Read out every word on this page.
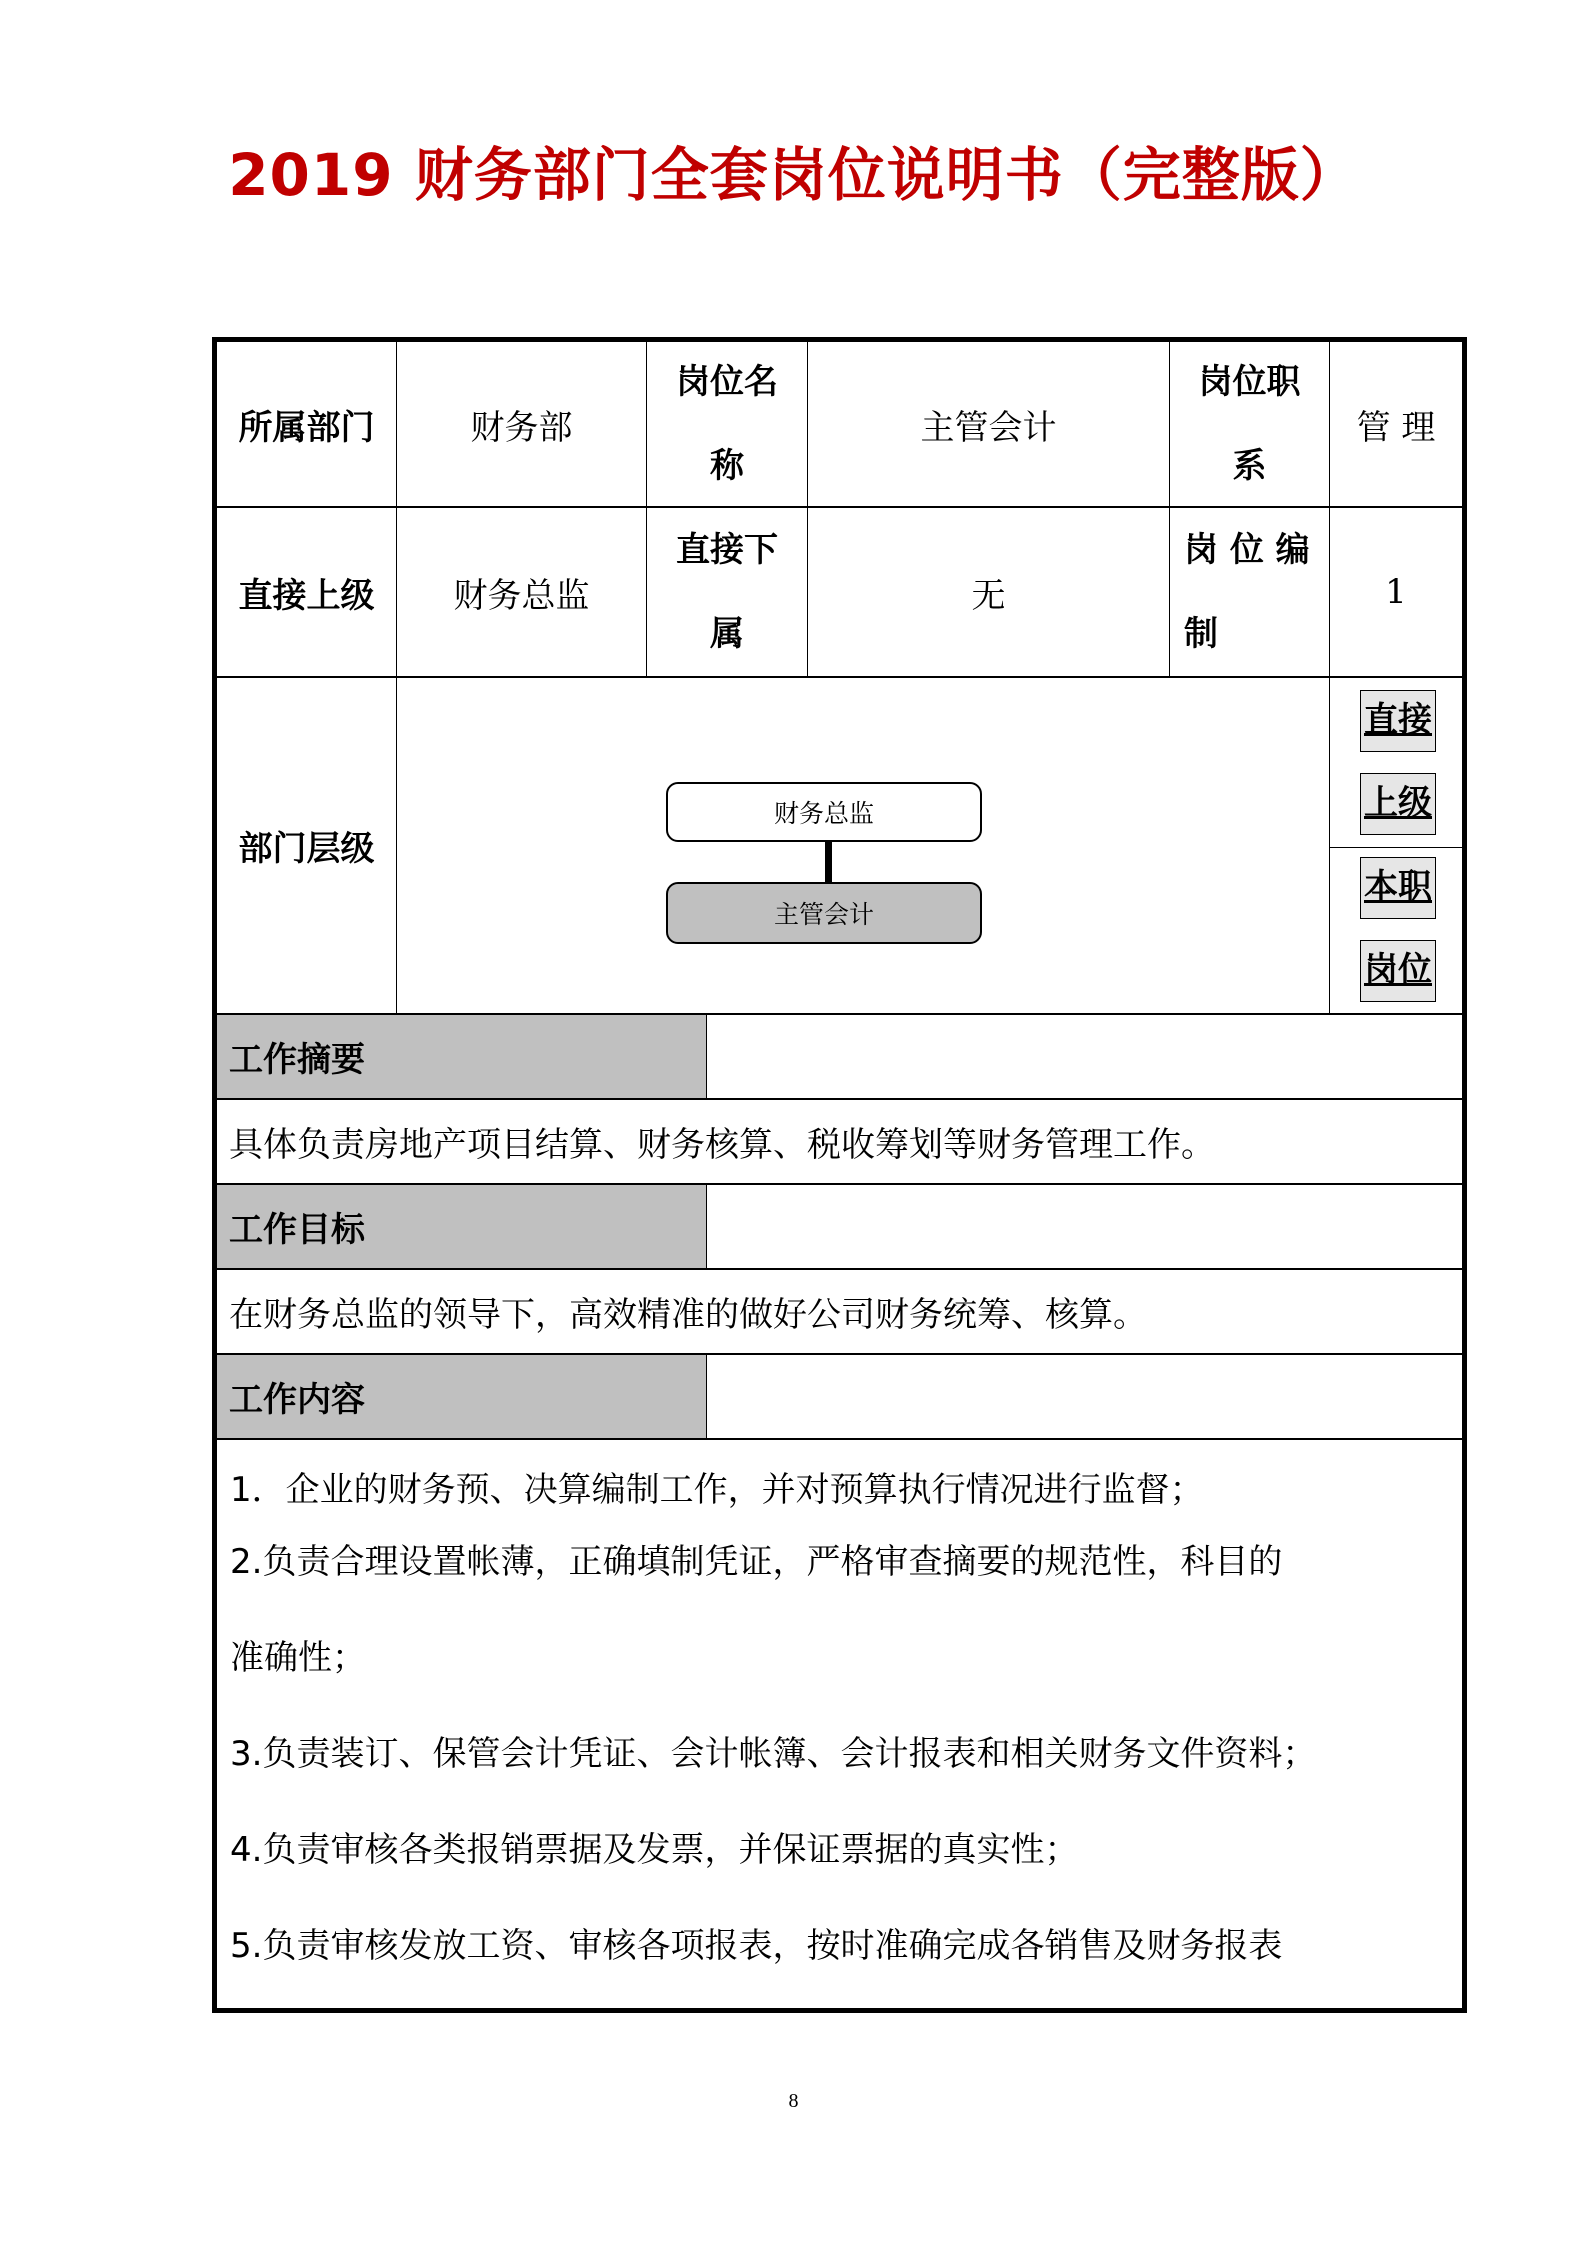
2019 财务部门全套岗位说明书（完整版）
所属部门	财务部
岗位名
称
主管会计
岗位职
系
管 理
直接上级 财务总监
直接下
属
无
岗 位 编
制
1
部门层级
财务总监
主管会计
直接
上级
本职
岗位
工作摘要
具体负责房地产项目结算、财务核算、税收筹划等财务管理工作。
工作目标
在财务总监的领导下，高效精准的做好公司财务统筹、核算。
工作内容
1．企业的财务预、决算编制工作，并对预算执行情况进行监督；
2.负责合理设置帐薄，正确填制凭证，严格审查摘要的规范性，科目的
准确性；
3.负责装订、保管会计凭证、会计帐簿、会计报表和相关财务文件资料；
4.负责审核各类报销票据及发票，并保证票据的真实性；
5.负责审核发放工资、审核各项报表，按时准确完成各销售及财务报表
8
